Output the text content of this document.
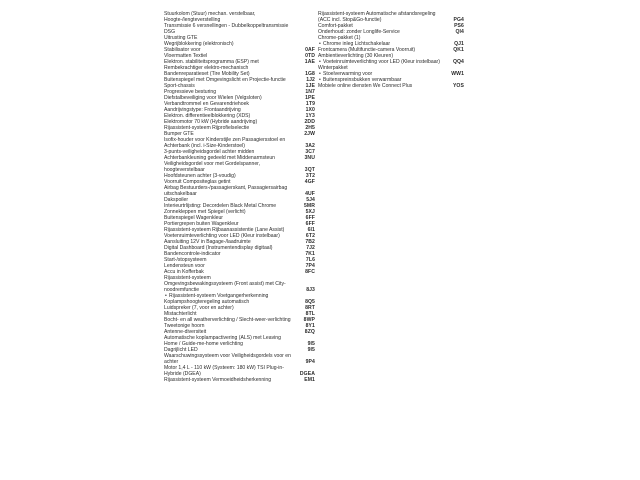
Stuurkolom (Stuur) mechan. verstelbaar, Hoogte-/lengteverstelling
Transmissie 6 versnellingen - Dubbelkoppeltransmissie DSG
Uitrusting GTE
Wegrijblokkering (elektronisch)
Stabilisator voor	0AF
Vloermatten Textiel	0TD
Elektron. stabiliteitsprogramma (ESP) met	1AE
Rembekrachtiger elektro-mechanisch
Bandenreparatieset (Tire Mobility Set)	1G8
Buitenspiegel met Omgevingslicht en Projectie-functie	1J2
Sport-chassis	1JE
Progressieve besturing	1N7
Diefstalbeveiliging voor Wielen (Velgsloten)	1PE
Verbandtrommel en Gevarendriehoek	1T9
Aandrijvingstype: Frontaandrijving	1X0
Elektron. differentieelblokkering (XDS)	1Y3
Elektromotor 70 kW (Hybride aandrijving)	2DD
Rijassistent-systeem Rijprofielselectie	2H5
Bumper GTE	2JW
Isofix-houder voor Kinderstijle zen Passagiersstoel en Achterbank (incl. i-Size-Kinderstoel)	3A2
3-punts-veiligheidsgordel achter midden	3C7
Achterbankleuning gedeeld met Middenarmsteun	3NU
Veiligheidsgordel voor met Gordelspanner, hoogteverstelbaar	3QT
Hoofdsteunen achter (3-voudig)	3T2
Voorruit Compositeglas getint	4GF
Airbag Bestuurders-/passagierskant, Passagiersairbag uitschakelbaar	4UF
Dakspoiler	5J4
Interieurtrlijsting: Decordelen Black Metal Chrome	5MR
Zonnekleppen met Spiegel (verlicht)	5XJ
Buitenspiegel Wagenkleur	6FF
Portiergrepen buiten Wagenkleur	6FF
Rijassistent-systeem Rijbaanassistentie (Lane Assist)	6I1
Voetenruimteverlichting voor LED (Kleur instelbaar)	6T2
Aansluiting 12V in Bagage-/laadruimte	7B2
Digital Dashboard (Instrumentendisplay digitaal)	7J2
Bandencontrole-indicator	7K1
Start-/stopsysteem	7L6
Lendensteun voor	7P4
Accu in Kofferbak	8FC
Rijassistent-systeem
Omgevingsbewakingssysteem (Front assist) met City-noodremfunctie	8J3
• Rijassistent-systeem Voetgangerherkenning
Koplampshoogteregeling automatisch	8Q5
Luidspreker (7, voor en achter)	8RT
Mistachterlicht	8TL
Bocht- en all weatherverlichting / Slecht-weer-verlichting	8WP
Tweetonige hoorn	8Y1
Antenne-diversiteit	8ZQ
Automatische koplampactivering (ALS) met Leaving Home / Guide-me-home verlichting	9I5
Dagrijlicht LED	9I5
Waarschuwingssysteem voor Veiligheidsgordels voor en achter	9P4
Motor 1,4 L - 110 kW (Systeem: 180 kW) TSI Plug-in-Hybride (DGEA)	DGEA
Rijassistent-systeem Vermoeidheidsherkenning	EM1
Rijassistent-systeem Automatische afstandsregeling (ACC incl. Stop&Go-functie)	PG4
Comfort-pakket	PS6
Onderhoud: zonder Longlife-Service	QI4
Chrome-pakket (1)
• Chrome inleg Lichtschakelaar	QJ1
Frontcamera (Multifunctie-camera Voorruit)	QK1
Ambientieverlichting (30 Kleuren)
• Voeteinruimteverlichting voor LED (Kleur instelbaar)	QQ4
Winterpakket
• Stoelverwarming voor	WW1
• Buitenspreinsbukken verwarmbaar
Mobiele online diensten We Connect Plus	YOS
